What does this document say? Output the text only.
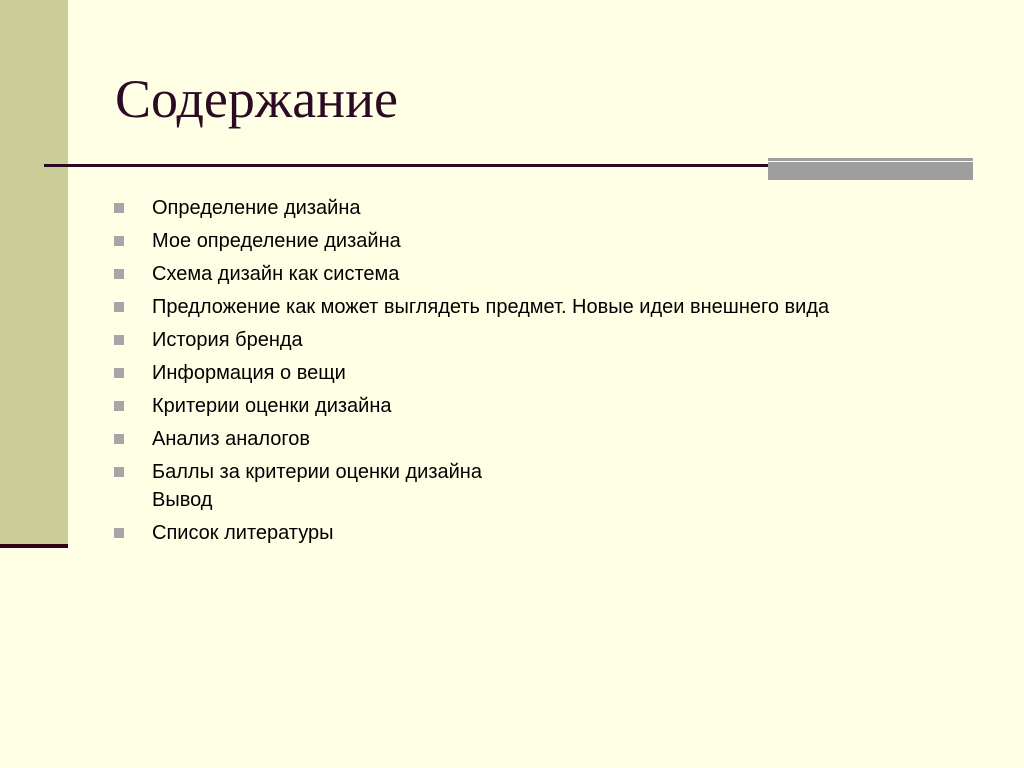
Содержание
Определение дизайна
Мое определение дизайна
Схема дизайн как система
Предложение как может выглядеть предмет. Новые идеи внешнего вида
История бренда
Информация о вещи
Критерии оценки дизайна
Анализ аналогов
Баллы за критерии оценки дизайна
Вывод
Список литературы
